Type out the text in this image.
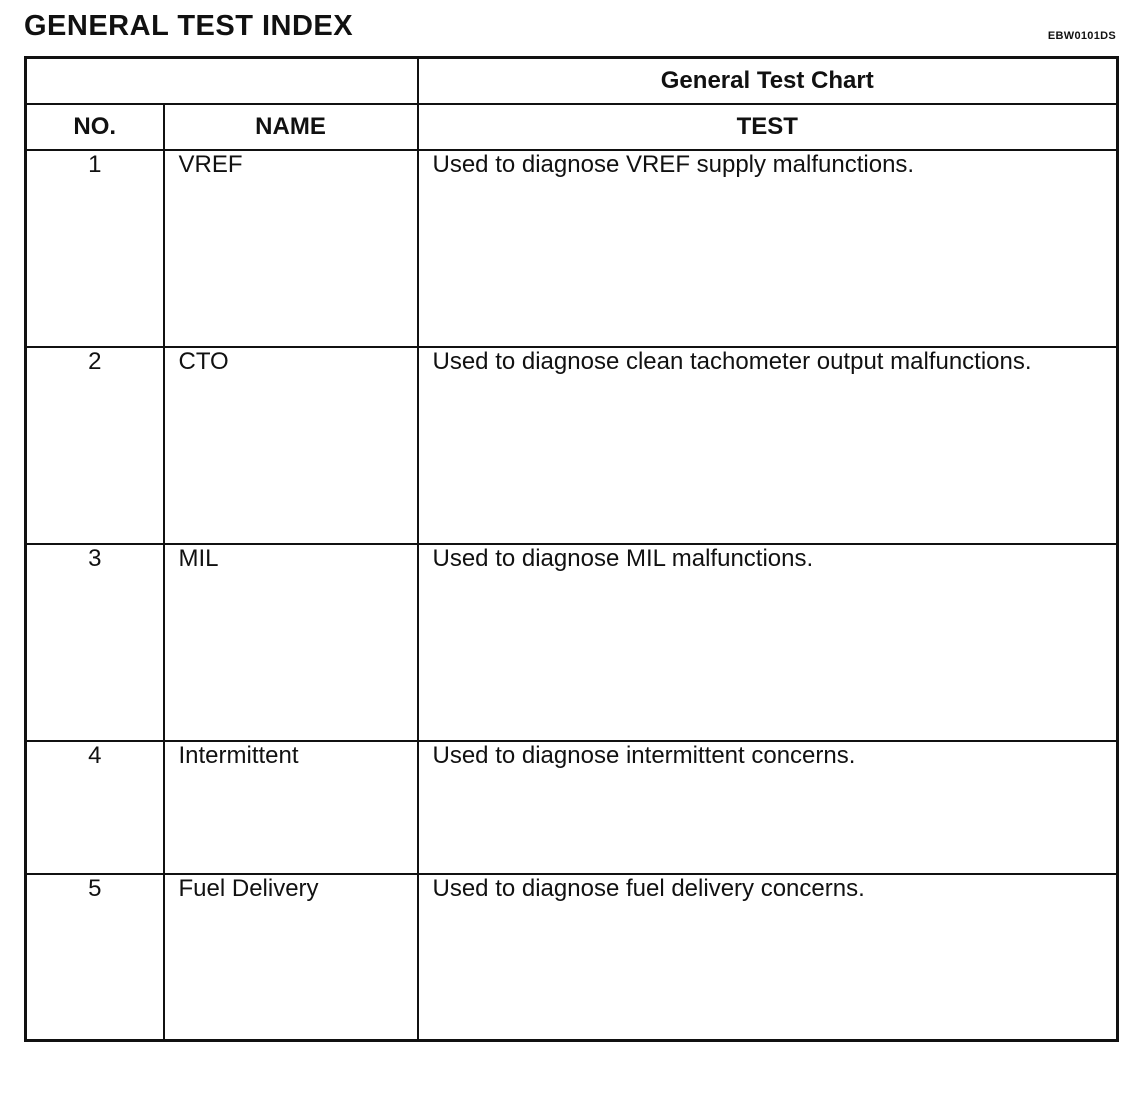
GENERAL TEST INDEX	EBW0101DS
		General Test Chart
NO.	NAME	TEST
1	VREF	Used to diagnose VREF supply malfunctions.
2	CTO	Used to diagnose clean tachometer output malfunctions.
3	MIL	Used to diagnose MIL malfunctions.
4	Intermittent	Used to diagnose intermittent concerns.
5	Fuel Delivery	Used to diagnose fuel delivery concerns.
